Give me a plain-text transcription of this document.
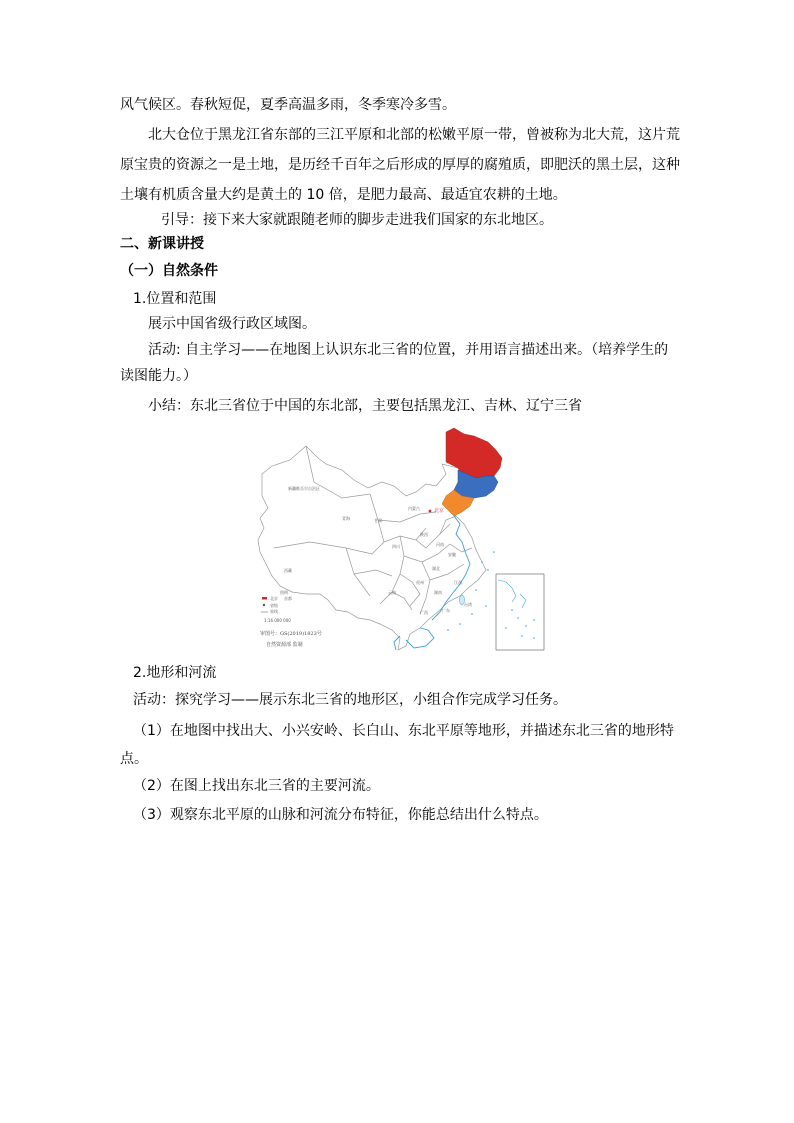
风气候区。春秋短促，夏季高温多雨，冬季寒冷多雪。

北大仓位于黑龙江省东部的三江平原和北部的松嫩平原一带，曾被称为北大荒，这片荒

原宝贵的资源之一是土地，是历经千百年之后形成的厚厚的腐殖质，即肥沃的黑土层，这种

土壤有机质含量大约是黄土的 10 倍，是肥力最高、最适宜农耕的土地。

引导：接下来大家就跟随老师的脚步走进我们国家的东北地区。

二、新课讲授

（一）自然条件

1.位置和范围

展示中国省级行政区域图。

活动: 自主学习——在地图上认识东北三省的位置，并用语言描述出来。（培养学生的

读图能力。）

小结：东北三省位于中国的东北部，主要包括黑龙江、吉林、辽宁三省

新疆维吾尔自治区
西藏
青海	甘肃
内蒙古
四川
陕西
河南
湖北
安徽
贵州
云南	湖南
江西
广西	广东
台湾
北京
图例
北京 首都
省级
界线
1:16 000 000
审图号：GS(2019)1823号
自然资源部 监制

2.地形和河流

活动：探究学习——展示东北三省的地形区，小组合作完成学习任务。

（1）在地图中找出大、小兴安岭、长白山、东北平原等地形，并描述东北三省的地形特

点。

（2）在图上找出东北三省的主要河流。

（3）观察东北平原的山脉和河流分布特征，你能总结出什么特点。
